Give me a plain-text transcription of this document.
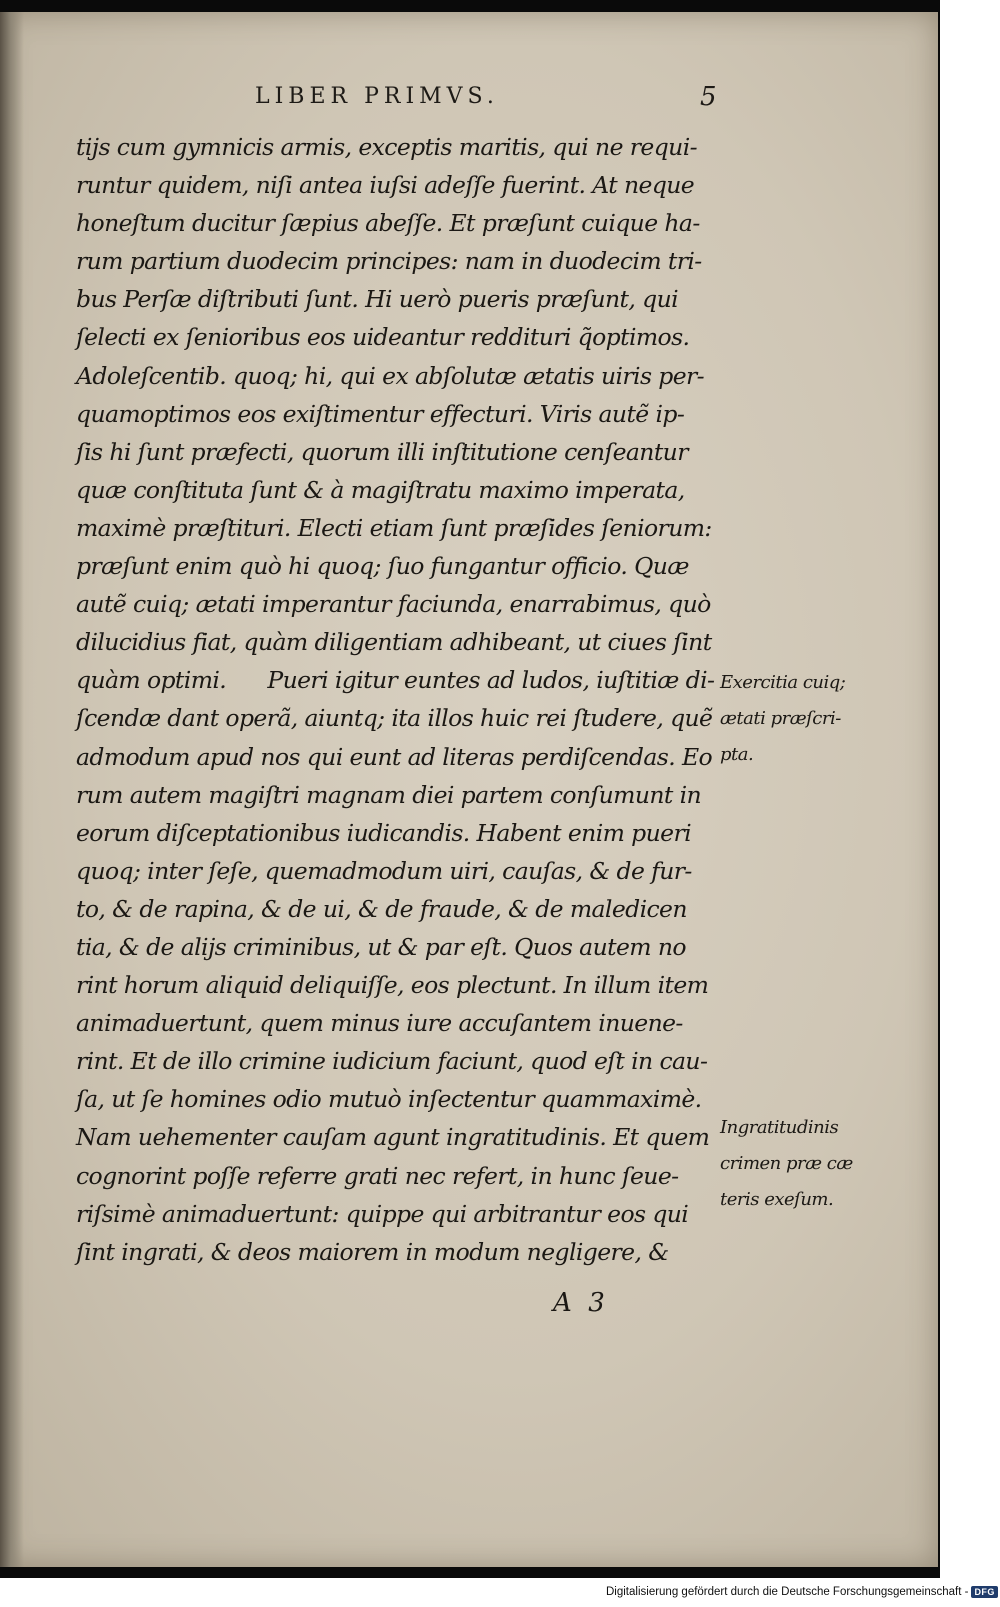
LIBER PRIMVS.	5
tijs cum gymnicis armis, exceptis maritis, qui ne requi-
runtur quidem, niſi antea iuſsi adeſſe fuerint. At neque
honeſtum ducitur ſæpius abeſſe. Et præſunt cuique ha-
rum partium duodecim principes: nam in duodecim tri-
bus Perſæ diſtributi ſunt. Hi uerò pueris præſunt, qui
ſelecti ex ſenioribus eos uideantur reddituri q̃optimos.
Adoleſcentib. quoq; hi, qui ex abſolutæ ætatis uiris per-
quamoptimos eos exiſtimentur effecturi. Viris autẽ ip-
ſis hi ſunt præfecti, quorum illi inſtitutione cenſeantur
quæ conſtituta ſunt & à magiſtratu maximo imperata,
maximè præſtituri. Electi etiam ſunt præſides ſeniorum:
præſunt enim quò hi quoq; ſuo fungantur officio. Quæ
autẽ cuiq; ætati imperantur faciunda, enarrabimus, quò
dilucidius fiat, quàm diligentiam adhibeant, ut ciues ſint
quàm optimi.      Pueri igitur euntes ad ludos, iuſtitiæ di-
ſcendæ dant operã, aiuntq; ita illos huic rei ſtudere, quẽ
admodum apud nos qui eunt ad literas perdiſcendas. Eo
rum autem magiſtri magnam diei partem conſumunt in
eorum diſceptationibus iudicandis. Habent enim pueri
quoq; inter ſeſe, quemadmodum uiri, cauſas, & de fur-
to, & de rapina, & de ui, & de fraude, & de maledicen
tia, & de alijs criminibus, ut & par eſt. Quos autem no
rint horum aliquid deliquiſſe, eos plectunt. In illum item
animaduertunt, quem minus iure accuſantem inuene-
rint. Et de illo crimine iudicium faciunt, quod eſt in cau-
ſa, ut ſe homines odio mutuò inſectentur quammaximè.
Nam uehementer cauſam agunt ingratitudinis. Et quem
cognorint poſſe referre grati nec refert, in hunc ſeue-
riſsimè animaduertunt: quippe qui arbitrantur eos qui
ſint ingrati, & deos maiorem in modum negligere, &
Exercitia cuiq;
ætati præſcri-
pta.
Ingratitudinis
crimen præ cæ
teris exeſum.
A  3
Digitalisierung gefördert durch die Deutsche Forschungsgemeinschaft - DFG
